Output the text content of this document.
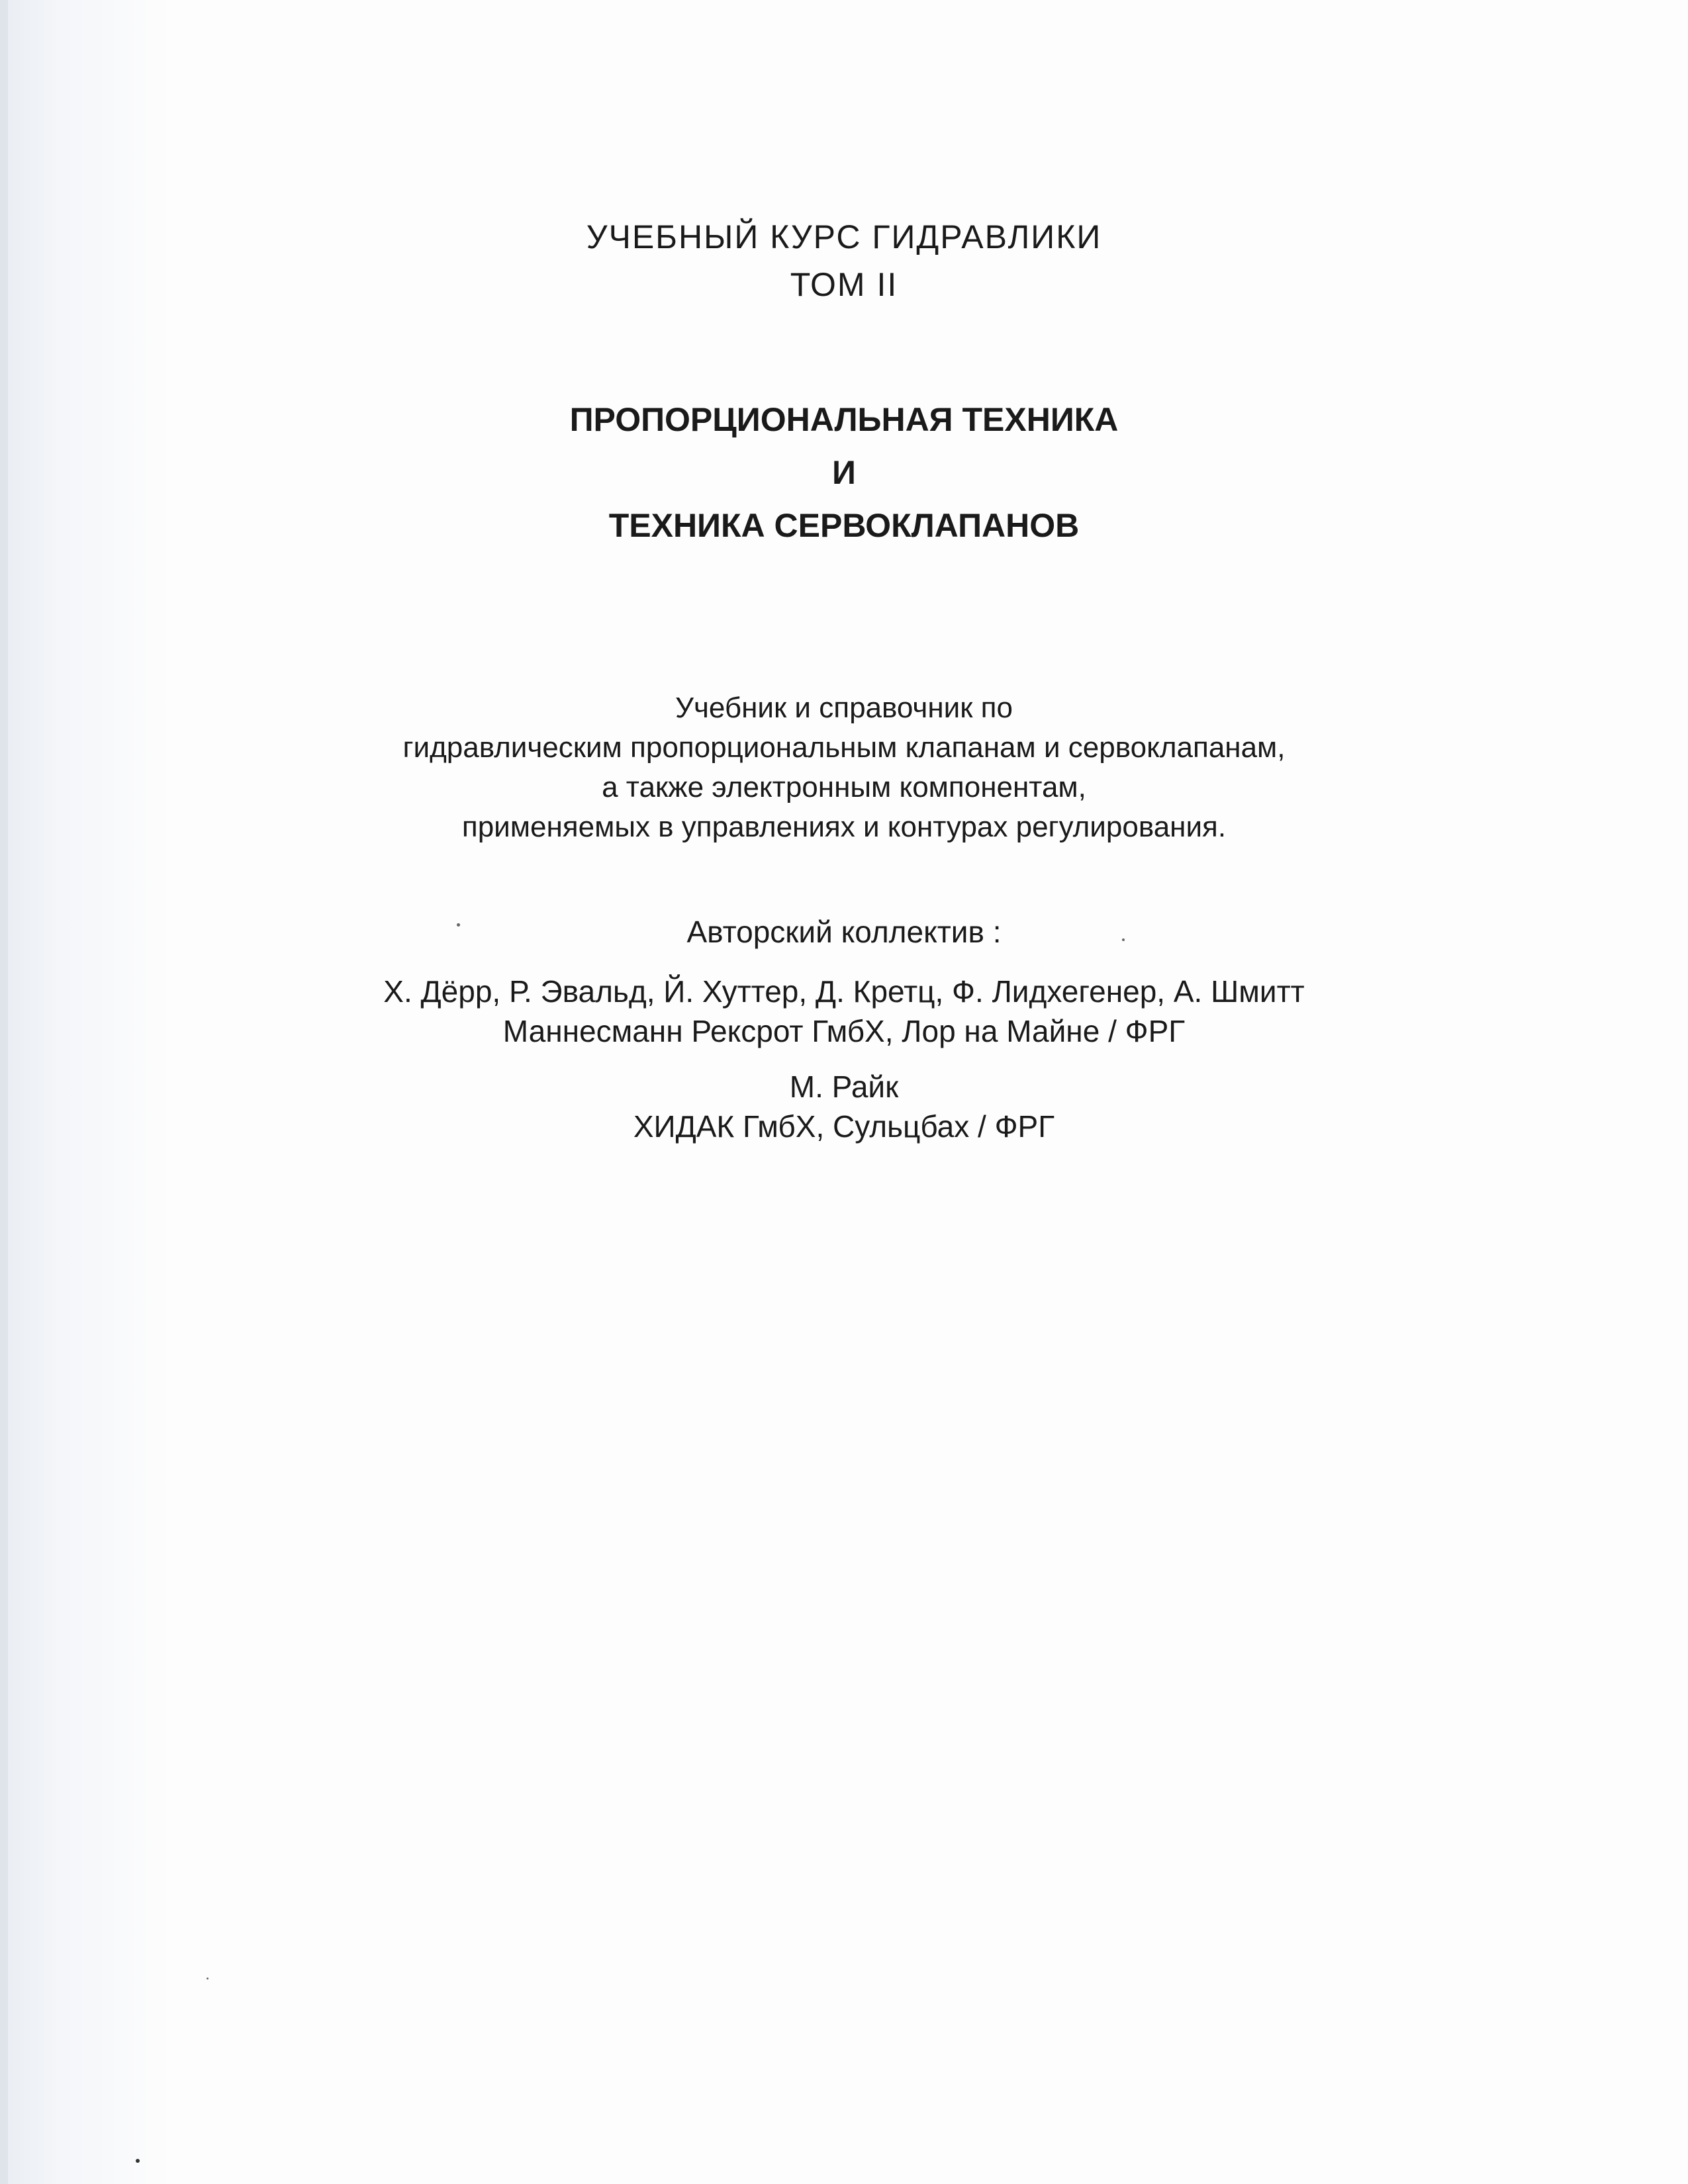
УЧЕБНЫЙ КУРС ГИДРАВЛИКИ
ТОМ II
ПРОПОРЦИОНАЛЬНАЯ ТЕХНИКА
И
ТЕХНИКА СЕРВОКЛАПАНОВ
Учебник и справочник по
гидравлическим пропорциональным клапанам и сервоклапанам,
а также электронным компонентам,
применяемых в управлениях и контурах регулирования.
Авторский коллектив :
Х. Дёрр, Р. Эвальд, Й. Хуттер, Д. Кретц, Ф. Лидхегенер, А. Шмитт
Маннесманн Рексрот ГмбХ, Лор на Майне / ФРГ
М. Райк
ХИДАК ГмбХ, Сульцбах / ФРГ
